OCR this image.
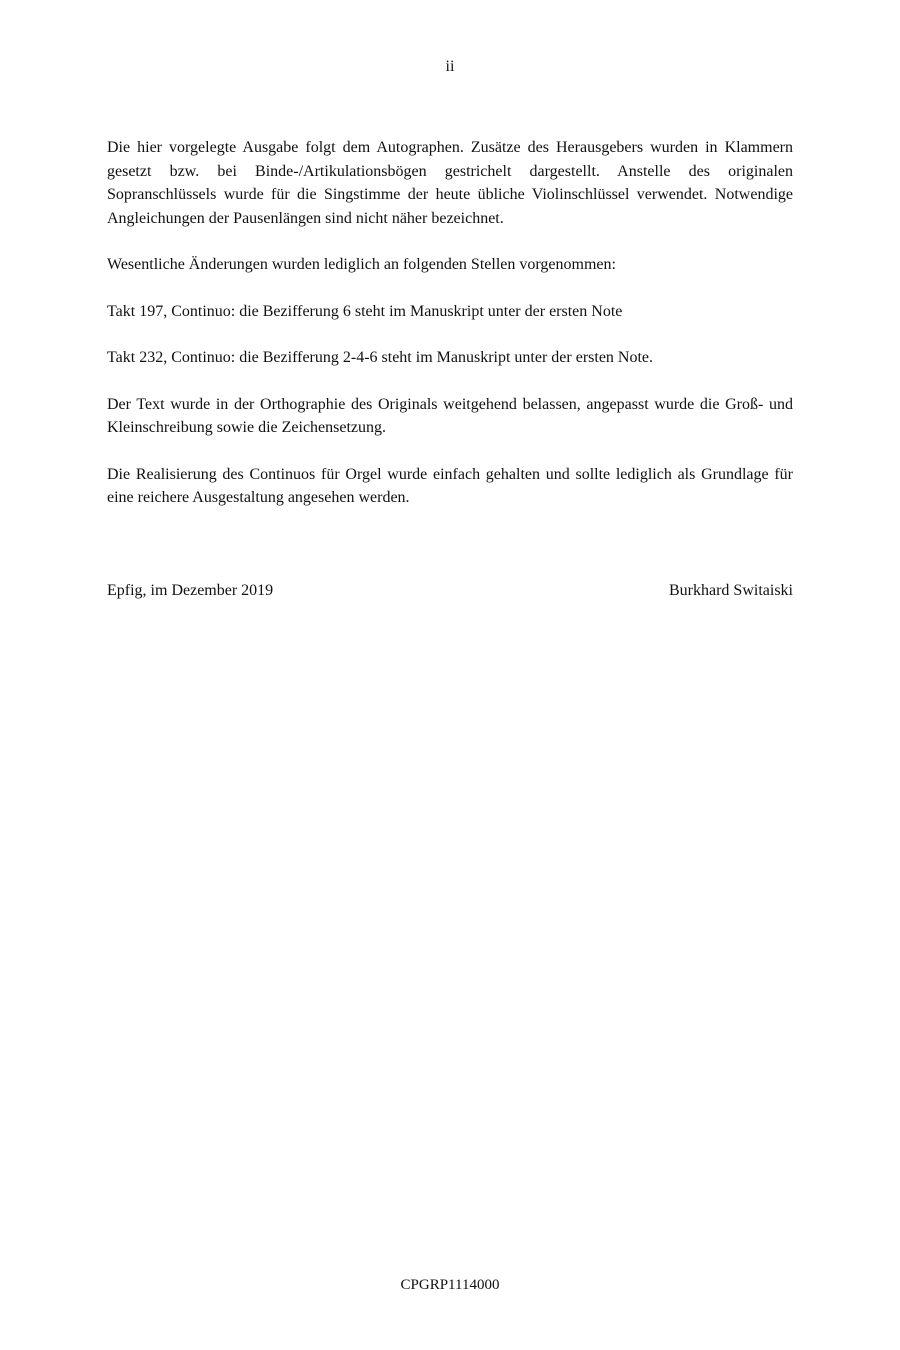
ii

Die hier vorgelegte Ausgabe folgt dem Autographen. Zusätze des Herausgebers wurden in Klammern gesetzt bzw. bei Binde-/Artikulationsbögen gestrichelt dargestellt. Anstelle des originalen Sopranschlüssels wurde für die Singstimme der heute übliche Violinschlüssel verwendet. Notwendige Angleichungen der Pausenlängen sind nicht näher bezeichnet.

Wesentliche Änderungen wurden lediglich an folgenden Stellen vorgenommen:

Takt 197, Continuo: die Bezifferung 6 steht im Manuskript unter der ersten Note

Takt 232, Continuo: die Bezifferung 2-4-6 steht im Manuskript unter der ersten Note.

Der Text wurde in der Orthographie des Originals weitgehend belassen, angepasst wurde die Groß- und Kleinschreibung sowie die Zeichensetzung.

Die Realisierung des Continuos für Orgel wurde einfach gehalten und sollte lediglich als Grundlage für eine reichere Ausgestaltung angesehen werden.

Epfig, im Dezember 2019	Burkhard Switaiski
CPGRP1114000
